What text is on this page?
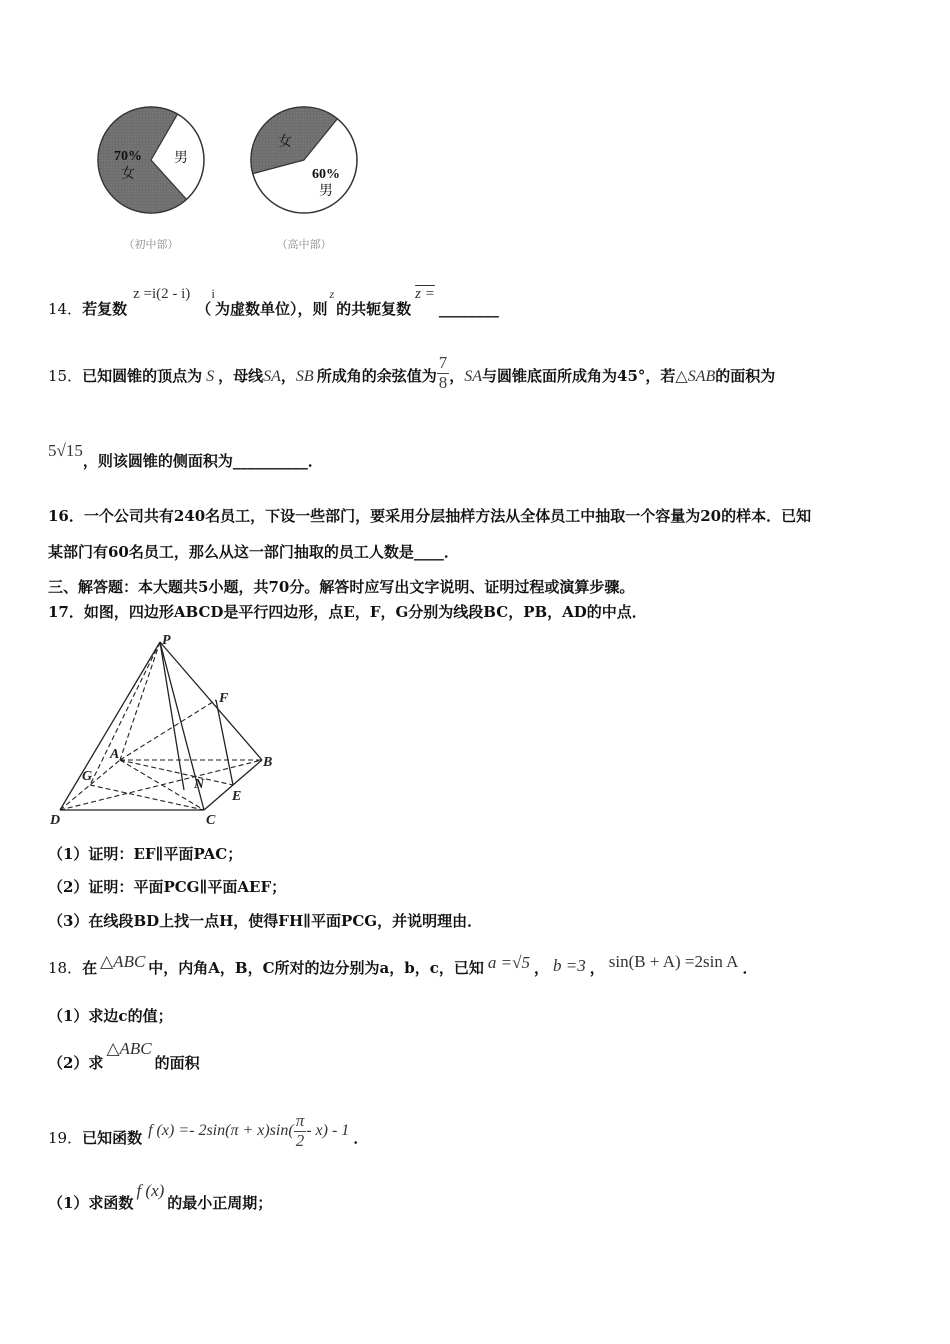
70%
女
男
（初中部）
女
60%
男
（高中部）
14．若复数z =i(2 - i)（i为虚数单位），则$^z$的共轭复数z =________
15．已知圆锥的顶点为 S ，母线SA，SB 所成角的余弦值为 $\frac{7}{8}$ ，SA与圆锥底面所成角为45°，若△SAB的面积为
5√15，则该圆锥的侧面积为__________．
16．一个公司共有240名员工，下设一些部门，要采用分层抽样方法从全体员工中抽取一个容量为20的样本．已知
某部门有60名员工，那么从这一部门抽取的员工人数是____．
三、解答题：本大题共5小题，共70分。解答时应写出文字说明、证明过程或演算步骤。
17．如图，四边形ABCD是平行四边形，点E，F，G分别为线段BC，PB，AD的中点．
P
F
A
B
G
N
E
D	C
（1）证明：EF∥平面PAC；
（2）证明：平面PCG∥平面AEF；
（3）在线段BD上找一点H，使得FH∥平面PCG，并说明理由．
18．在 △ABC 中，内角A，B，C所对的边分别为a，b，c，已知 a =√5 ， b =3 ， sin(B + A) =2sin A ．
（1）求边c的值；
（2）求△ABC的面积
19．已知函数 f $(x) =- 2\sin(\pi + x)\sin( \frac{\pi}{2} - x) - 1$ ．
（1）求函数f (x)的最小正周期；
